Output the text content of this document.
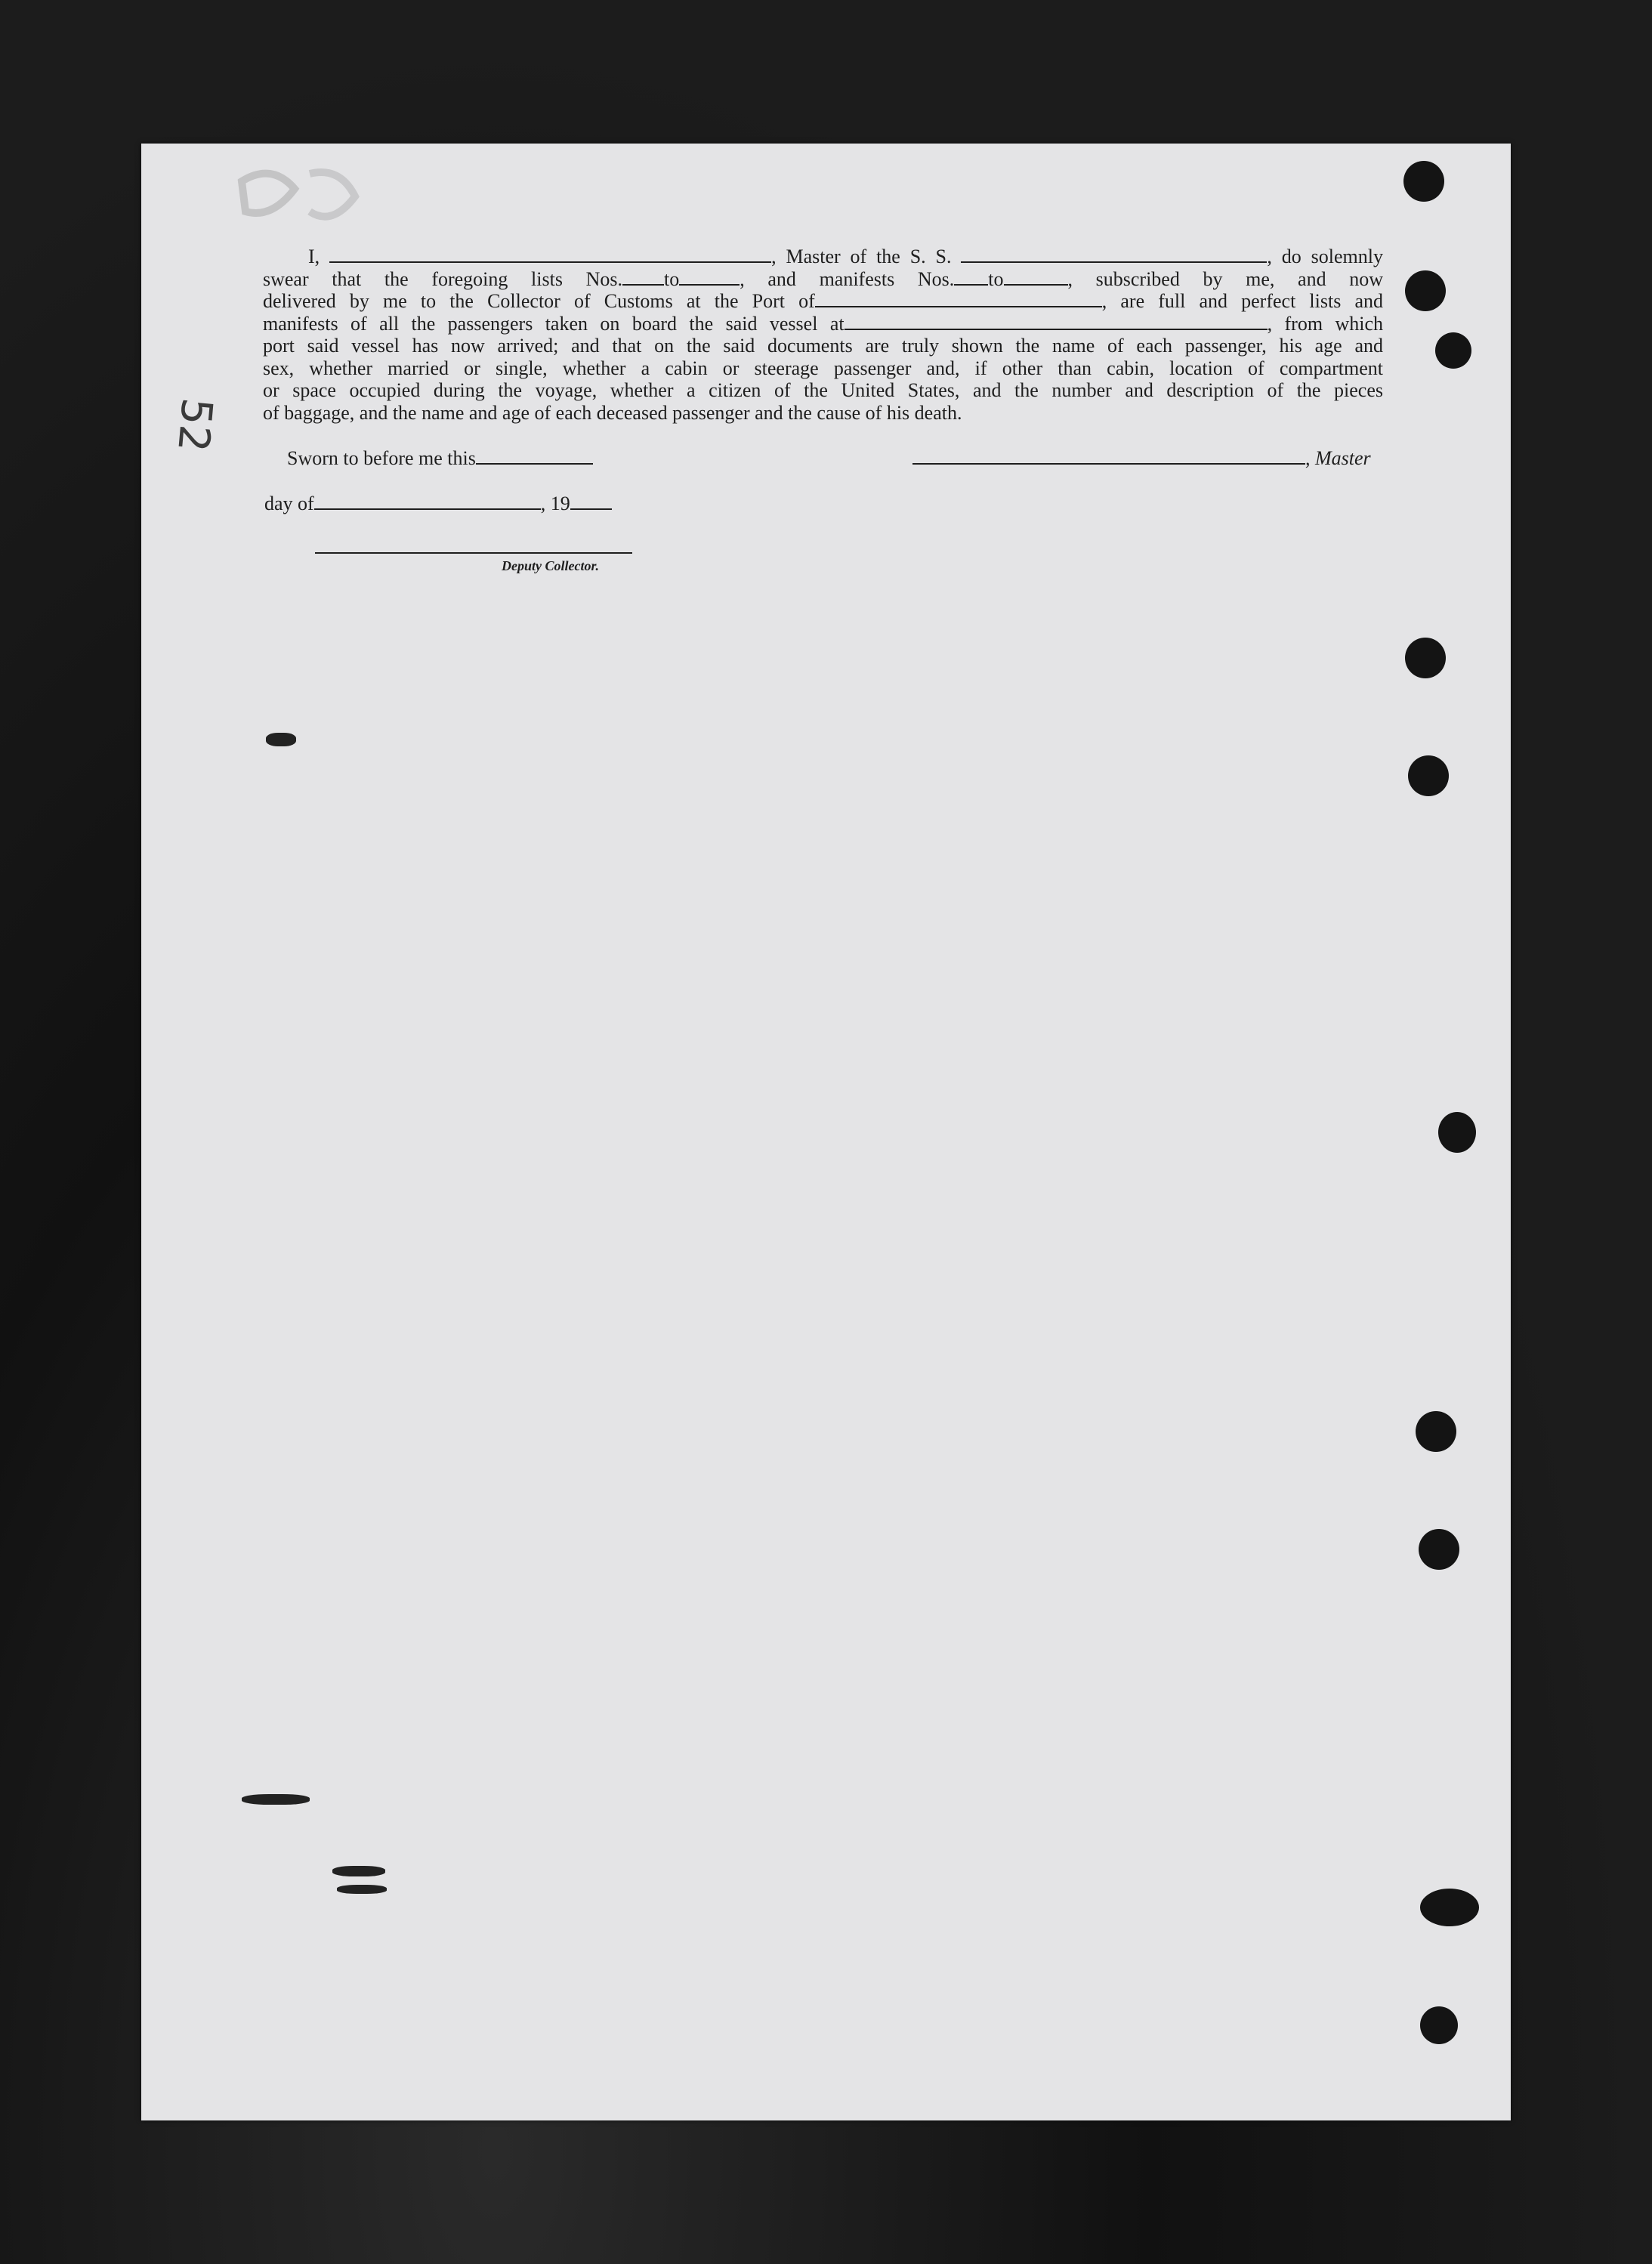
I,	, Master of the S. S.	, do solemnly
swear that the foregoing lists Nos. to	, and manifests Nos. to	, subscribed by me, and now
delivered by me to the Collector of Customs at the Port of	, are full and perfect lists and
manifests of all the passengers taken on board the said vessel at	, from which
port said vessel has now arrived; and that on the said documents are truly shown the name of each passenger, his age and
sex, whether married or single, whether a cabin or steerage passenger and, if other than cabin, location of compartment
or space occupied during the voyage, whether a citizen of the United States, and the number and description of the pieces
of baggage, and the name and age of each deceased passenger and the cause of his death.
Sworn to before me this	, Master
day of	, 19
Deputy Collector.
52
